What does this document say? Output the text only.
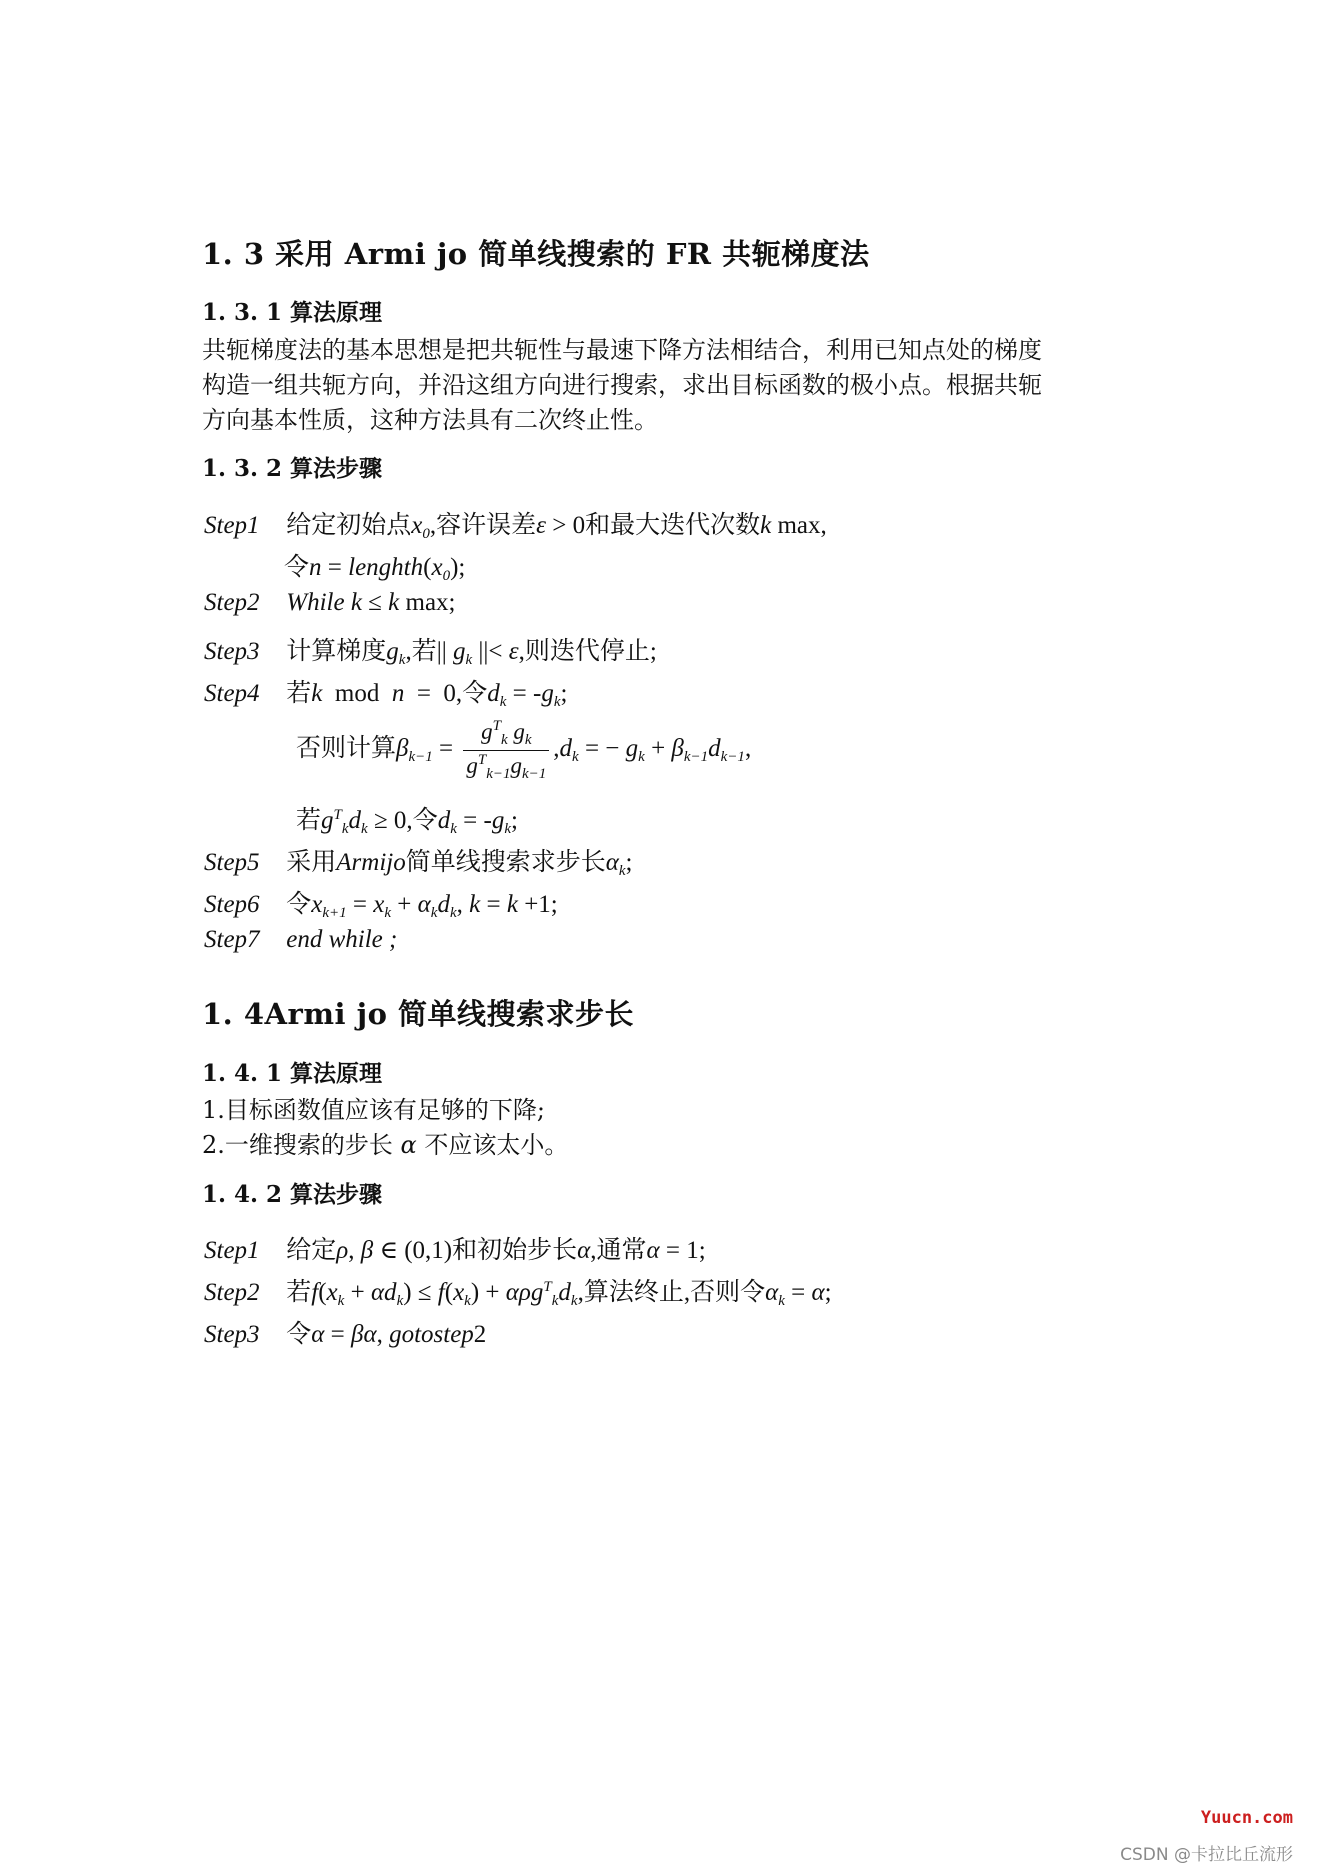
1. 3 采用 Armi jo 简单线搜索的 FR 共轭梯度法
1. 3. 1 算法原理

共轭梯度法的基本思想是把共轭性与最速下降方法相结合，利用已知点处的梯度

构造一组共轭方向，并沿这组方向进行搜索，求出目标函数的极小点。根据共轭

方向基本性质，这种方法具有二次终止性。

1. 3. 2 算法步骤
Step1 给定初始点$x_0$,容许误差ε > 0和最大迭代次数k max,
令$n = lenghth(x_0)$;
Step2 While k ≤ k max;
Step3 计算梯度$g_k$,若|| $g_k$ ||< ε,则迭代停止;
Step4 若k  mod  n  =  0,令$d_k = -g_k$;
否则计算$\beta_{k-1} = \frac{g^T_k g_k}{g^T_{k-1}g_{k-1}} ,d_k$ = − $g_k + \beta_{k-1}d_{k-1}$,
若$g^T_kd_k \ge 0$,令$d_k = -g_k$;
Step5 采用Armijo简单线搜索求步长$\alpha_k$;
Step6 令$x_{k+1} = x_k + \alpha_kd_k$, k = k +1;
Step7 end while ;
1. 4Armi jo 简单线搜索求步长
1. 4. 1 算法原理

1.目标函数值应该有足够的下降;

2.一维搜索的步长 α 不应该太小。

1. 4. 2 算法步骤
Step1 给定ρ, β ∈ (0,1)和初始步长α,通常α = 1;
Step2 若$f(x_k + \alpha d_k) \le f(x_k) + \alpha\rho g^T_kd_k$,算法终止,否则令$\alpha_k = \alpha$;
Step3 令α = βα, gotostep2
Yuucn.com
CSDN @卡拉比丘流形
